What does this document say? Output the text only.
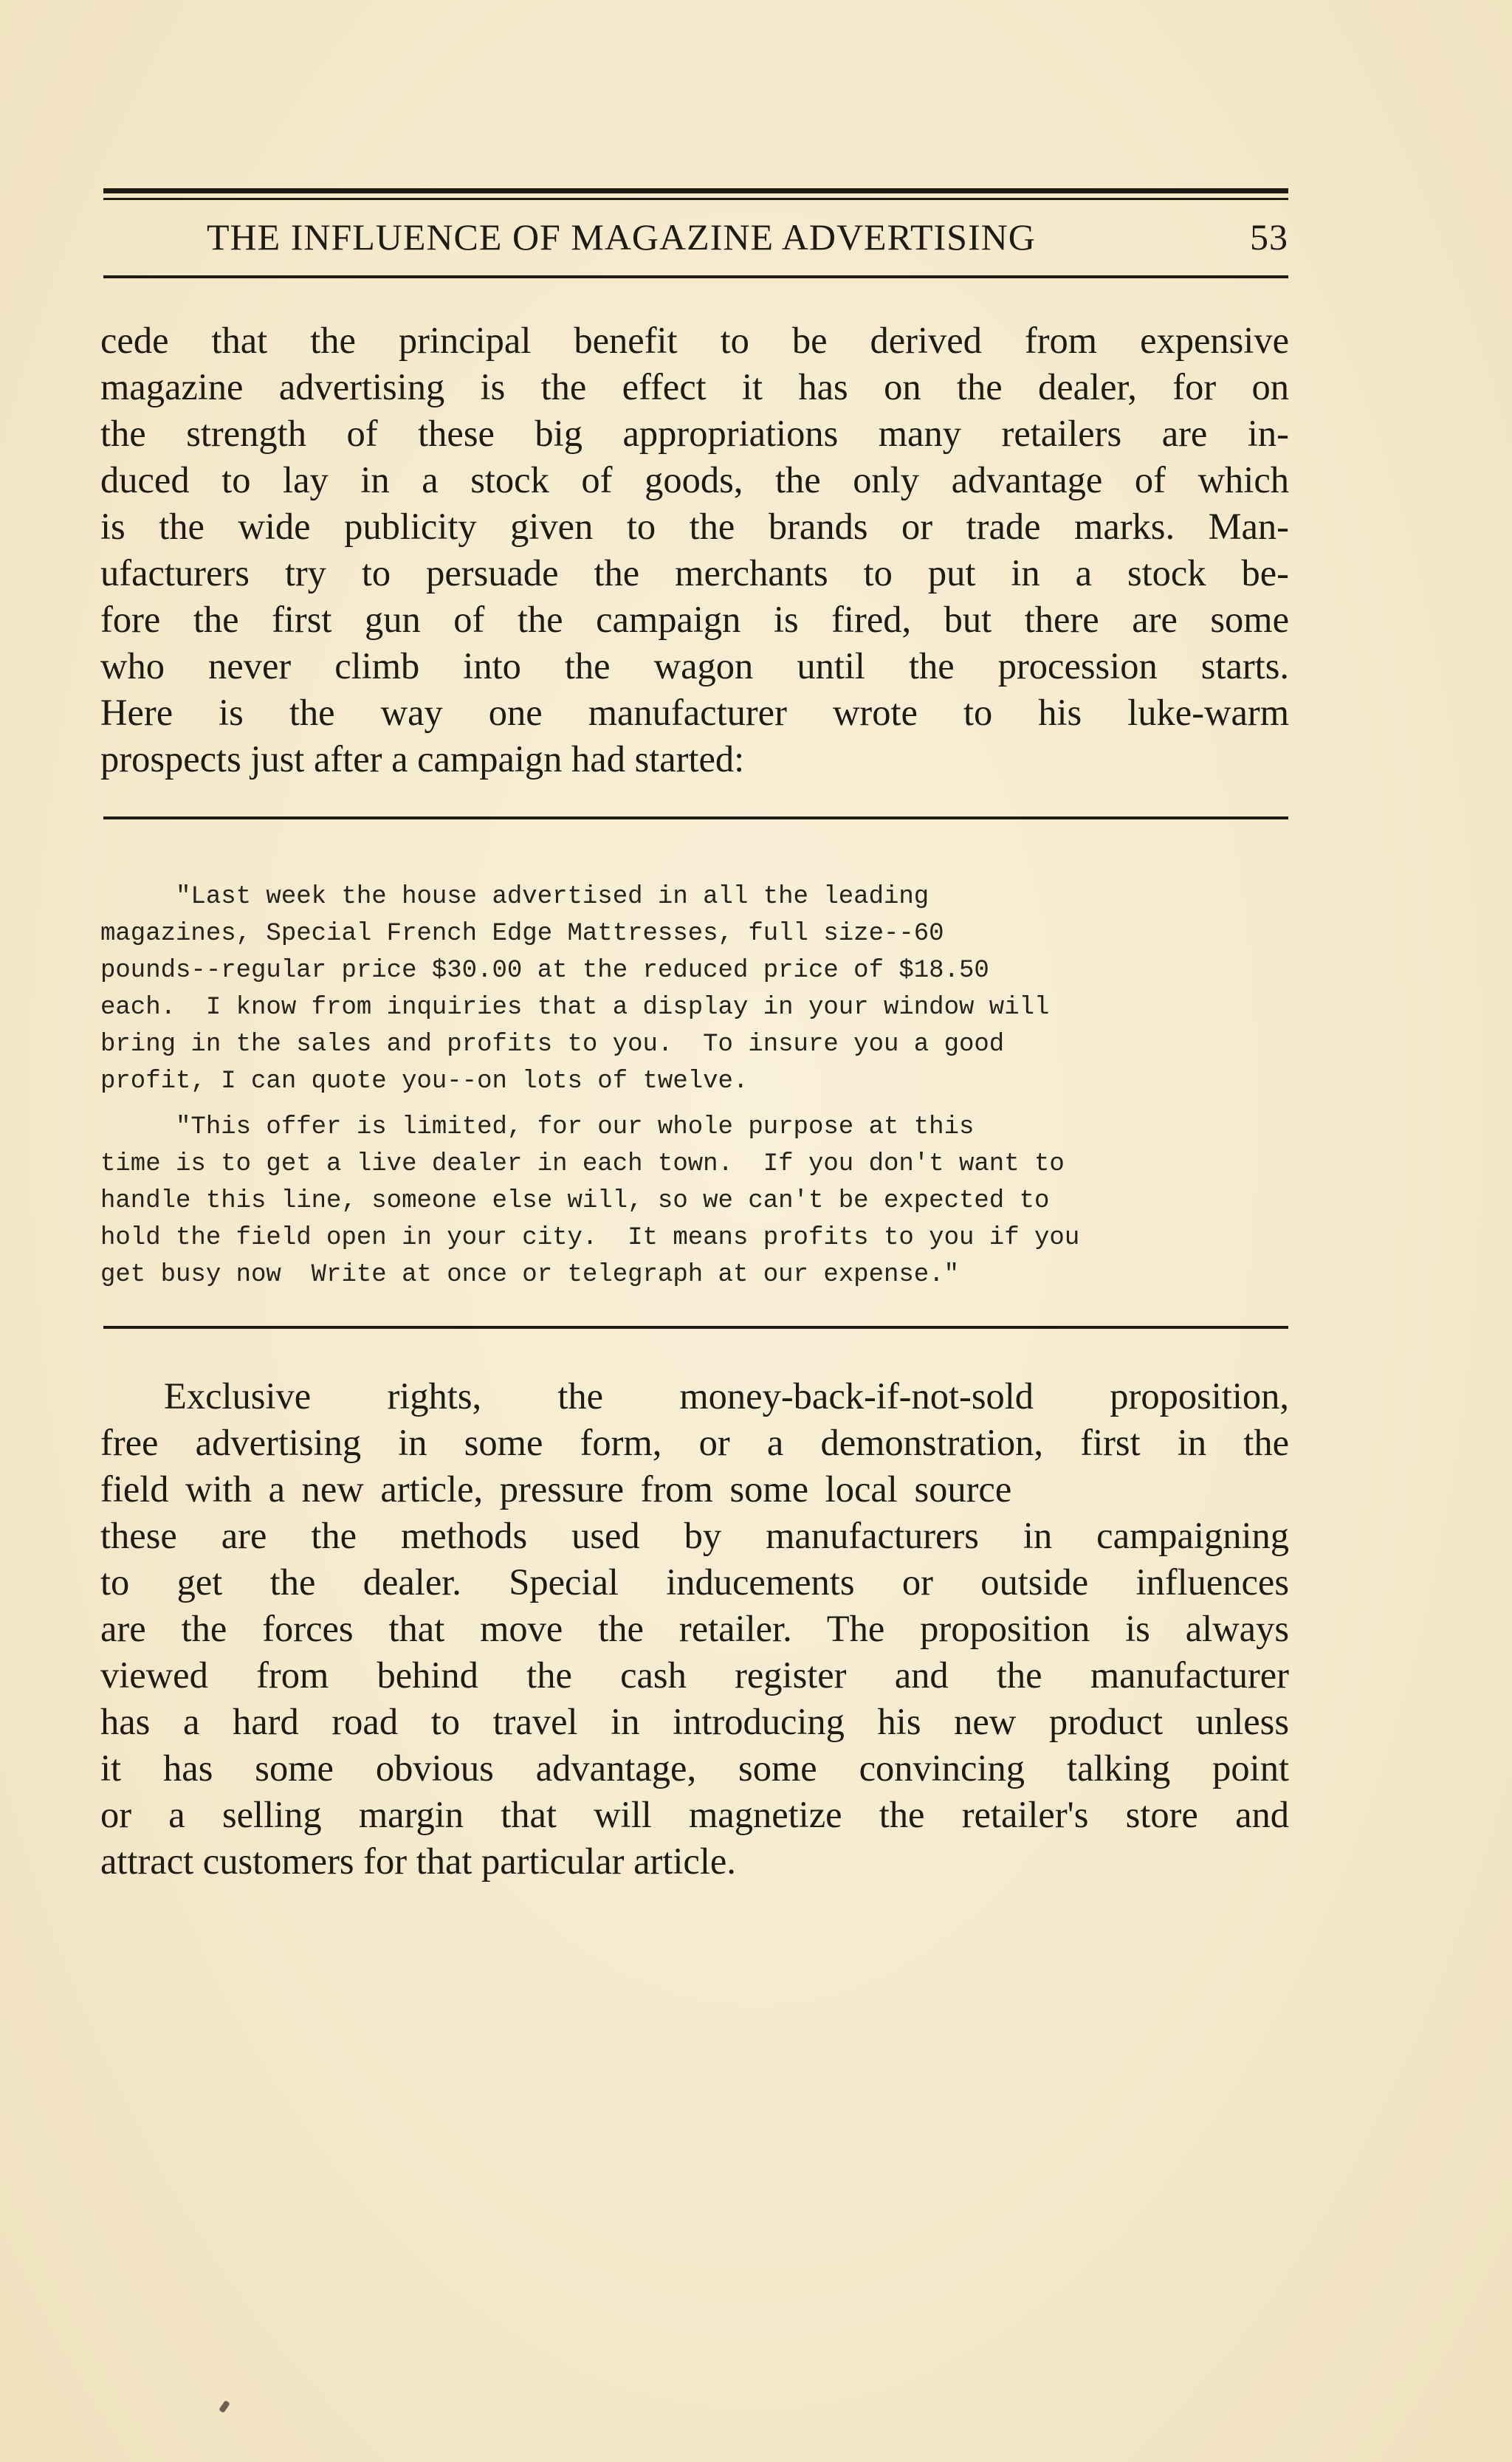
THE INFLUENCE OF MAGAZINE ADVERTISING	53
cede that the principal benefit to be derived from expensive
magazine advertising is the effect it has on the dealer, for on
the strength of these big appropriations many retailers are in-
duced to lay in a stock of goods, the only advantage of which
is the wide publicity given to the brands or trade marks. Man-
ufacturers try to persuade the merchants to put in a stock be-
fore the first gun of the campaign is fired, but there are some
who never climb into the wagon until the procession starts.
Here is the way one manufacturer wrote to his luke-warm
prospects just after a campaign had started:
"Last week the house advertised in all the leading
magazines, Special French Edge Mattresses, full size--60
pounds--regular price $30.00 at the reduced price of $18.50
each.  I know from inquiries that a display in your window will
bring in the sales and profits to you.  To insure you a good
profit, I can quote you--on lots of twelve.
"This offer is limited, for our whole purpose at this
time is to get a live dealer in each town.  If you don't want to
handle this line, someone else will, so we can't be expected to
hold the field open in your city.  It means profits to you if you
get busy now  Write at once or telegraph at our expense."
Exclusive rights, the money-back-if-not-sold proposition,
free advertising in some form, or a demonstration, first in the
field with a new article, pressure from some local source
these are the methods used by manufacturers in campaigning
to get the dealer. Special inducements or outside influences
are the forces that move the retailer. The proposition is always
viewed from behind the cash register and the manufacturer
has a hard road to travel in introducing his new product unless
it has some obvious advantage, some convincing talking point
or a selling margin that will magnetize the retailer's store and
attract customers for that particular article.
